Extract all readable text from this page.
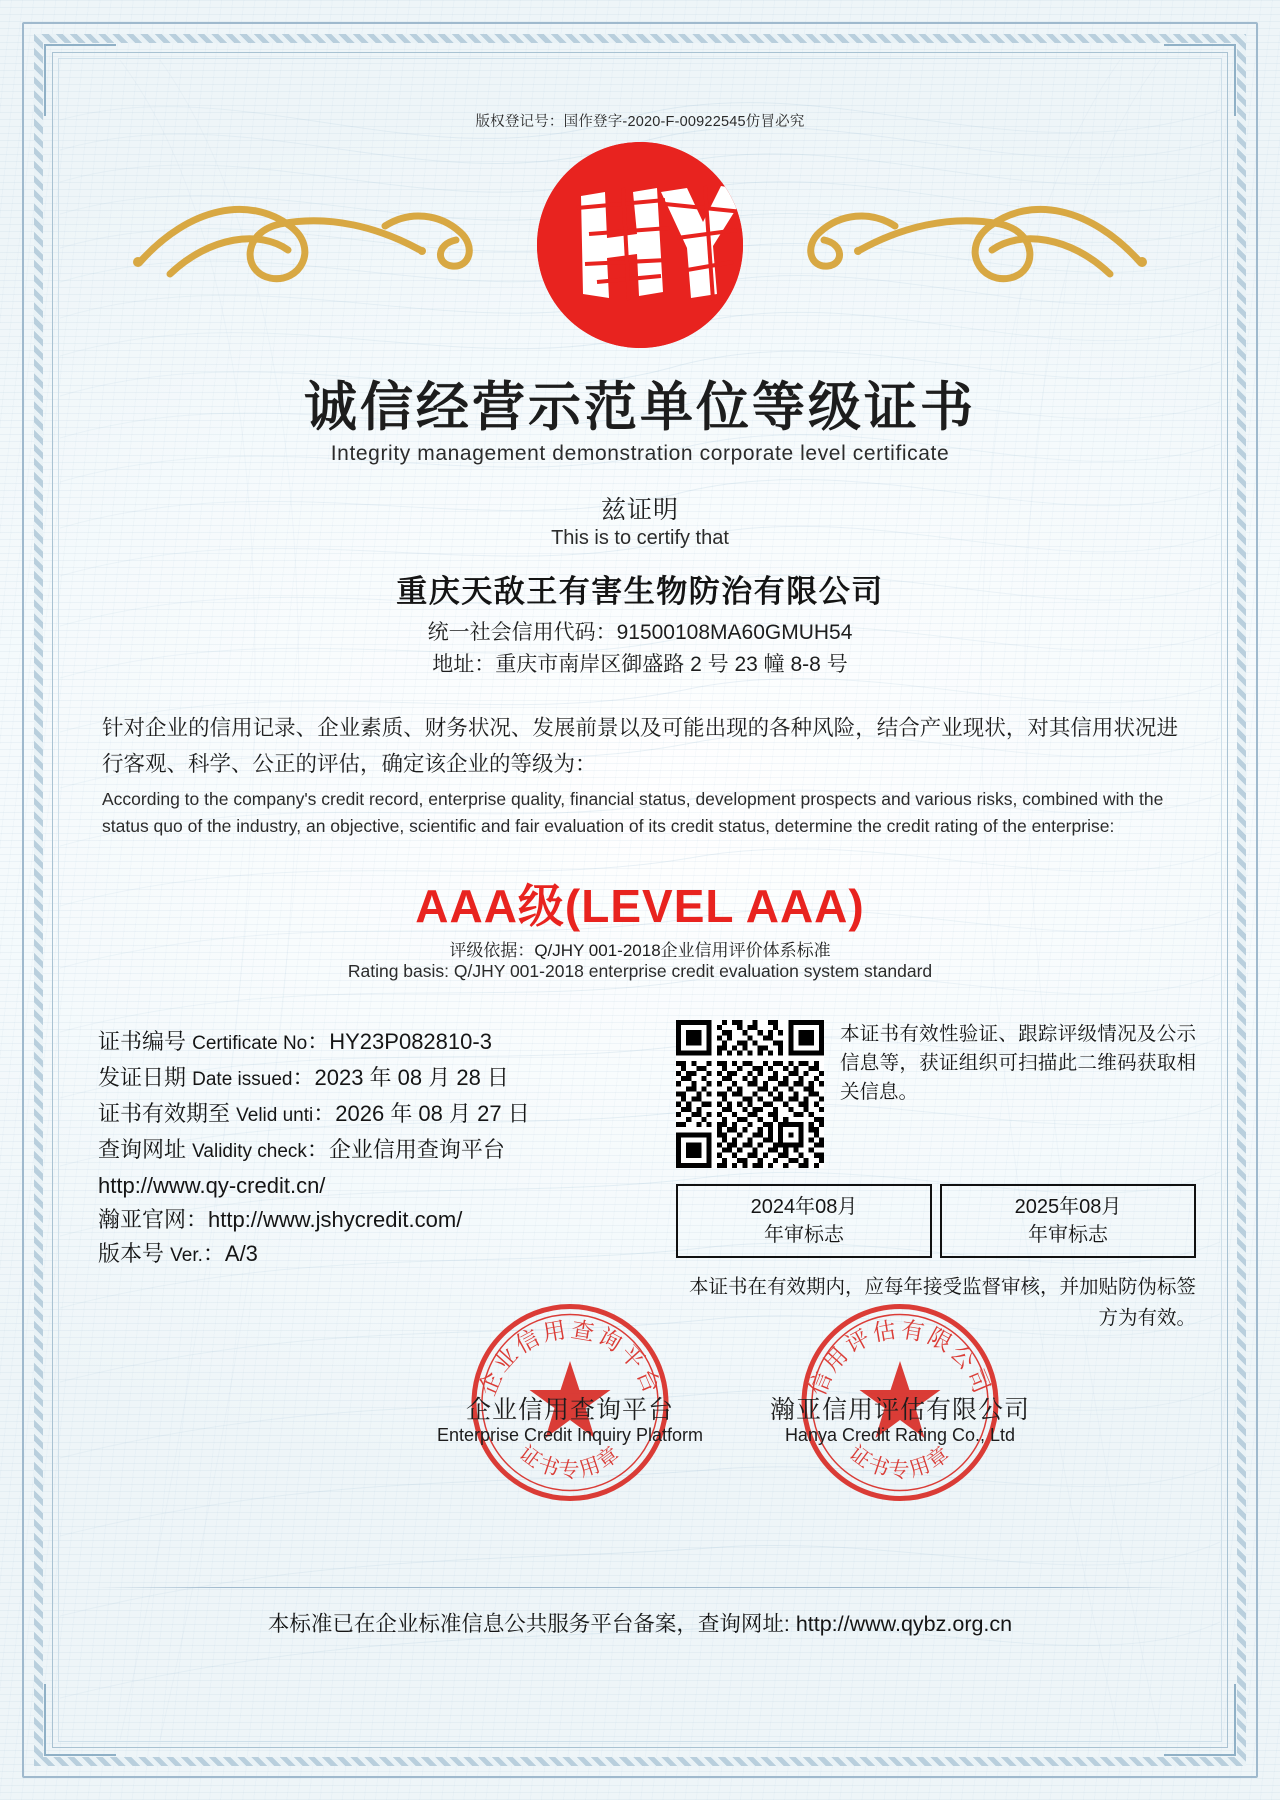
版权登记号：国作登字-2020-F-00922545仿冒必究
诚信经营示范单位等级证书
Integrity management demonstration corporate level certificate
兹证明
This is to certify that
重庆天敌王有害生物防治有限公司
统一社会信用代码：91500108MA60GMUH54
地址：重庆市南岸区御盛路 2 号 23 幢 8-8 号
针对企业的信用记录、企业素质、财务状况、发展前景以及可能出现的各种风险，结合产业现状，对其信用状况进行客观、科学、公正的评估，确定该企业的等级为：
According to the company's credit record, enterprise quality, financial status, development prospects and various risks, combined with the status quo of the industry, an objective, scientific and fair evaluation of its credit status, determine the credit rating of the enterprise:
AAA级(LEVEL AAA)
评级依据：Q/JHY 001-2018企业信用评价体系标准
Rating basis: Q/JHY 001-2018 enterprise credit evaluation system standard
证书编号 Certificate No：HY23P082810-3
发证日期 Date issued：2023 年 08 月 28 日
证书有效期至 Velid unti：2026 年 08 月 27 日
查询网址 Validity check：企业信用查询平台
http://www.qy-credit.cn/
瀚亚官网：http://www.jshycredit.com/
版本号 Ver.：A/3
本证书有效性验证、跟踪评级情况及公示信息等，获证组织可扫描此二维码获取相关信息。
2024年08月
年审标志
2025年08月
年审标志
本证书在有效期内，应每年接受监督审核，并加贴防伪标签方为有效。
企业信用查询平台
证书专用章
企业信用查询平台
Enterprise Credit Inquiry Platform
信用评估有限公司
证书专用章
瀚亚信用评估有限公司
Hanya Credit Rating Co., Ltd
本标准已在企业标准信息公共服务平台备案，查询网址: http://www.qybz.org.cn
